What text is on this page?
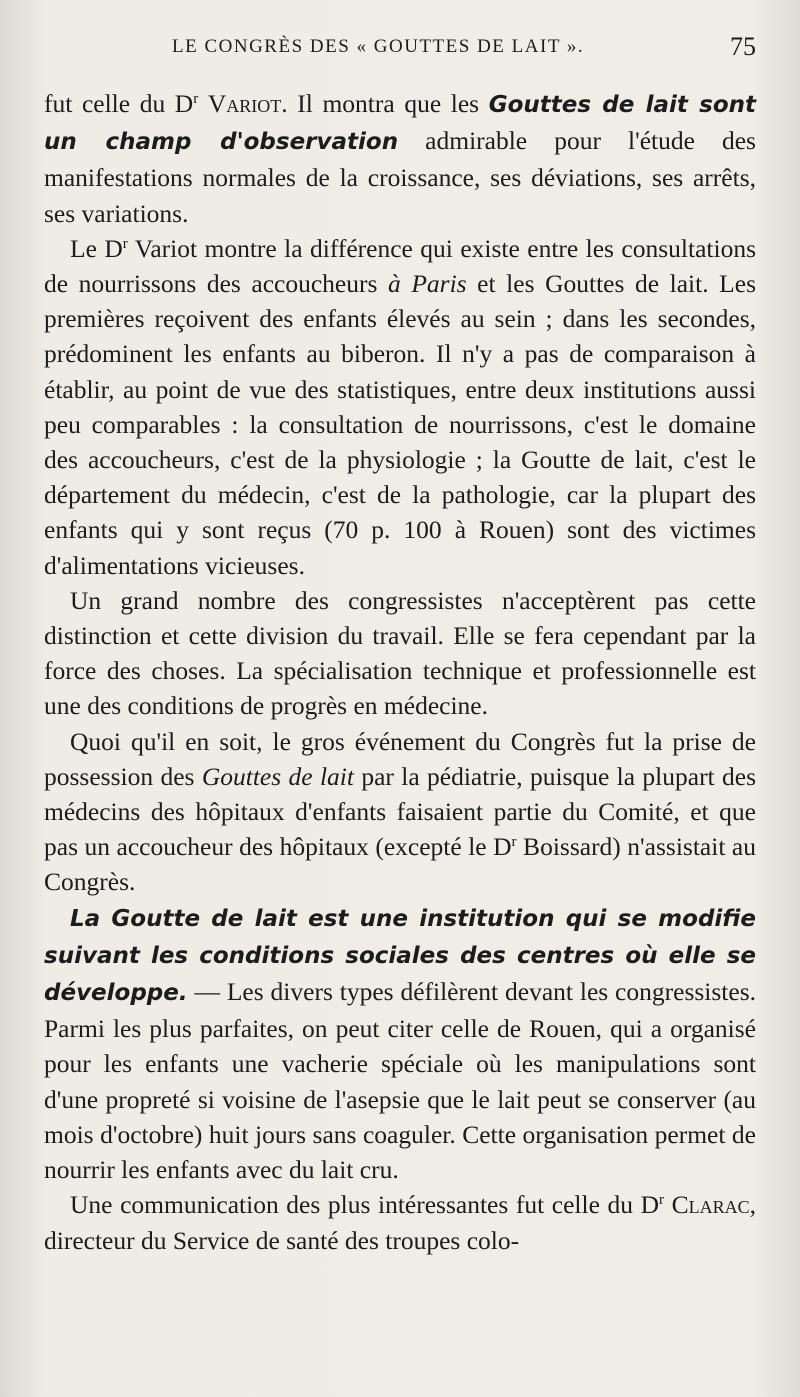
LE CONGRÈS DES « GOUTTES DE LAIT ».	75

fut celle du $D^r$ Variot. Il montra que les Gouttes de lait sont un champ d'observation admirable pour l'étude des manifestations normales de la croissance, ses déviations, ses arrêts, ses variations.

Le $D^r$ Variot montre la différence qui existe entre les consultations de nourrissons des accoucheurs à Paris et les Gouttes de lait. Les premières reçoivent des enfants élevés au sein ; dans les secondes, prédominent les enfants au biberon. Il n'y a pas de comparaison à établir, au point de vue des statistiques, entre deux institutions aussi peu comparables : la consultation de nourrissons, c'est le domaine des accoucheurs, c'est de la physiologie ; la Goutte de lait, c'est le département du médecin, c'est de la pathologie, car la plupart des enfants qui y sont reçus (70 p. 100 à Rouen) sont des victimes d'alimentations vicieuses.

Un grand nombre des congressistes n'acceptèrent pas cette distinction et cette division du travail. Elle se fera cependant par la force des choses. La spécialisation technique et professionnelle est une des conditions de progrès en médecine.

Quoi qu'il en soit, le gros événement du Congrès fut la prise de possession des Gouttes de lait par la pédiatrie, puisque la plupart des médecins des hôpitaux d'enfants faisaient partie du Comité, et que pas un accoucheur des hôpitaux (excepté le $D^r$ Boissard) n'assistait au Congrès.

La Goutte de lait est une institution qui se modifie suivant les conditions sociales des centres où elle se développe. — Les divers types défilèrent devant les congressistes. Parmi les plus parfaites, on peut citer celle de Rouen, qui a organisé pour les enfants une vacherie spéciale où les manipulations sont d'une propreté si voisine de l'asepsie que le lait peut se conserver (au mois d'octobre) huit jours sans coaguler. Cette organisation permet de nourrir les enfants avec du lait cru.

Une communication des plus intéressantes fut celle du $D^r$ Clarac, directeur du Service de santé des troupes colo-
